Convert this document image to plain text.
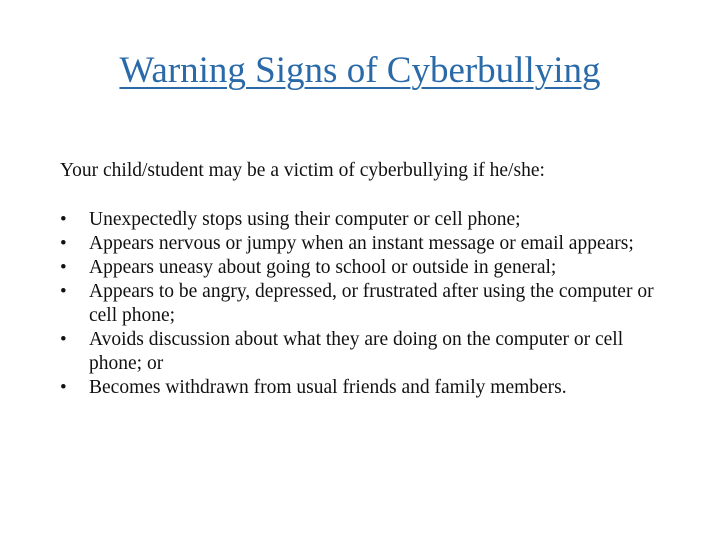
Warning Signs of Cyberbullying

Your child/student may be a victim of cyberbullying if he/she:

• Unexpectedly stops using their computer or cell phone;
• Appears nervous or jumpy when an instant message or email appears;
• Appears uneasy about going to school or outside in general;
• Appears to be angry, depressed, or frustrated after using the computer or cell phone;
• Avoids discussion about what they are doing on the computer or cell phone; or
• Becomes withdrawn from usual friends and family members.
